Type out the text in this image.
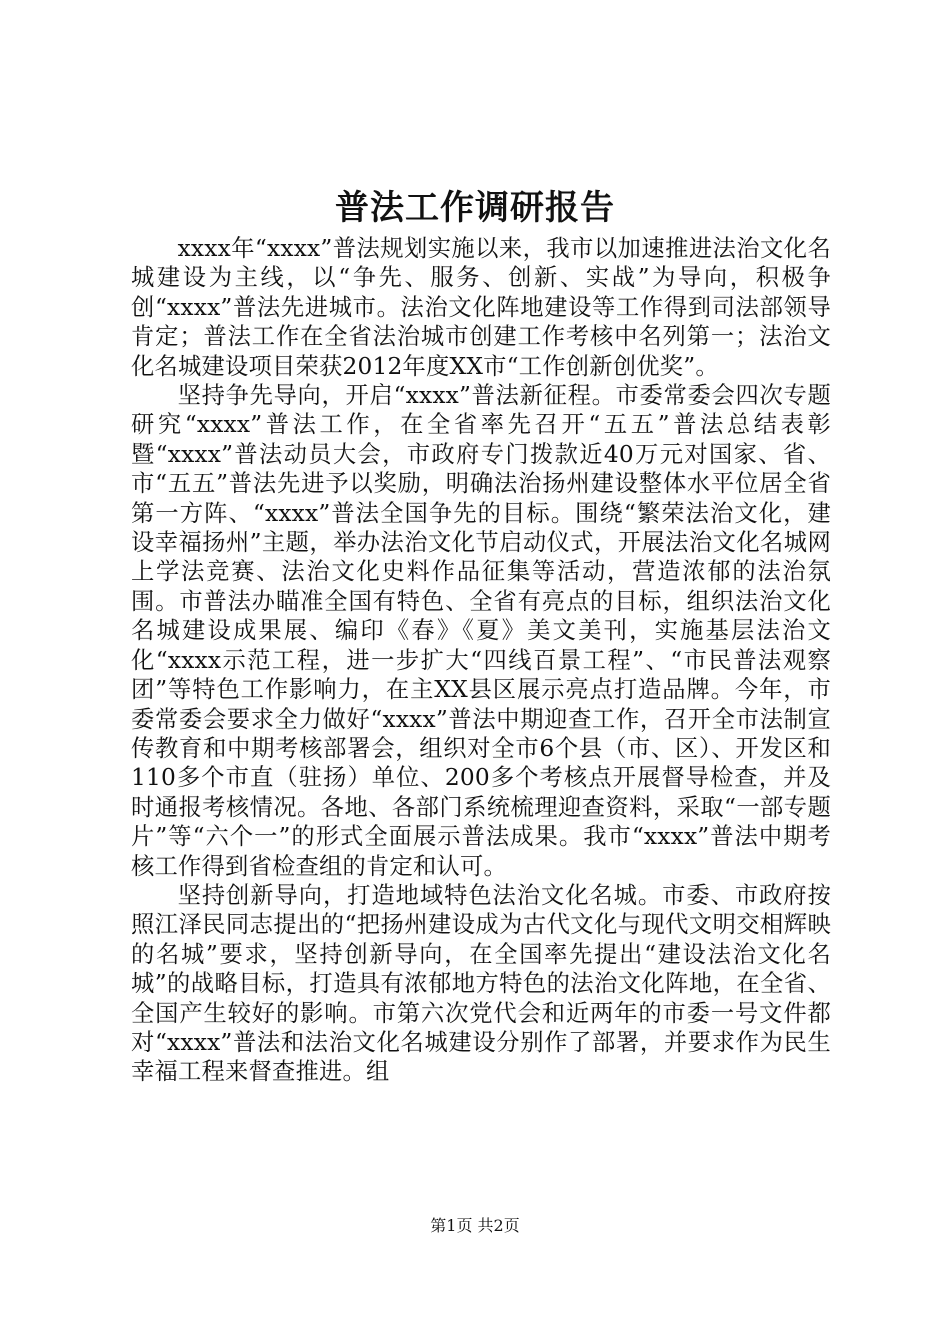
普法工作调研报告

xxxx年“xxxx”普法规划实施以来，我市以加速推进法治文化名城建设为主线，以“争先、服务、创新、实战”为导向，积极争创“xxxx”普法先进城市。法治文化阵地建设等工作得到司法部领导肯定；普法工作在全省法治城市创建工作考核中名列第一；法治文化名城建设项目荣获2012年度XX市“工作创新创优奖”。

坚持争先导向，开启“xxxx”普法新征程。市委常委会四次专题研究“xxxx”普法工作，在全省率先召开“五五”普法总结表彰暨“xxxx”普法动员大会，市政府专门拨款近40万元对国家、省、市“五五”普法先进予以奖励，明确法治扬州建设整体水平位居全省第一方阵、“xxxx”普法全国争先的目标。围绕“繁荣法治文化，建设幸福扬州”主题，举办法治文化节启动仪式，开展法治文化名城网上学法竞赛、法治文化史料作品征集等活动，营造浓郁的法治氛围。市普法办瞄准全国有特色、全省有亮点的目标，组织法治文化名城建设成果展、编印《春》《夏》美文美刊，实施基层法治文化“xxxx示范工程，进一步扩大“四线百景工程”、“市民普法观察团”等特色工作影响力，在主XX县区展示亮点打造品牌。今年，市委常委会要求全力做好“xxxx”普法中期迎查工作，召开全市法制宣传教育和中期考核部署会，组织对全市6个县（市、区）、开发区和110多个市直（驻扬）单位、200多个考核点开展督导检查，并及时通报考核情况。各地、各部门系统梳理迎查资料，采取“一部专题片”等“六个一”的形式全面展示普法成果。我市“xxxx”普法中期考核工作得到省检查组的肯定和认可。

坚持创新导向，打造地域特色法治文化名城。市委、市政府按照江泽民同志提出的“把扬州建设成为古代文化与现代文明交相辉映的名城”要求，坚持创新导向，在全国率先提出“建设法治文化名城”的战略目标，打造具有浓郁地方特色的法治文化阵地，在全省、全国产生较好的影响。市第六次党代会和近两年的市委一号文件都对“xxxx”普法和法治文化名城建设分别作了部署，并要求作为民生幸福工程来督查推进。组

第1页 共2页
